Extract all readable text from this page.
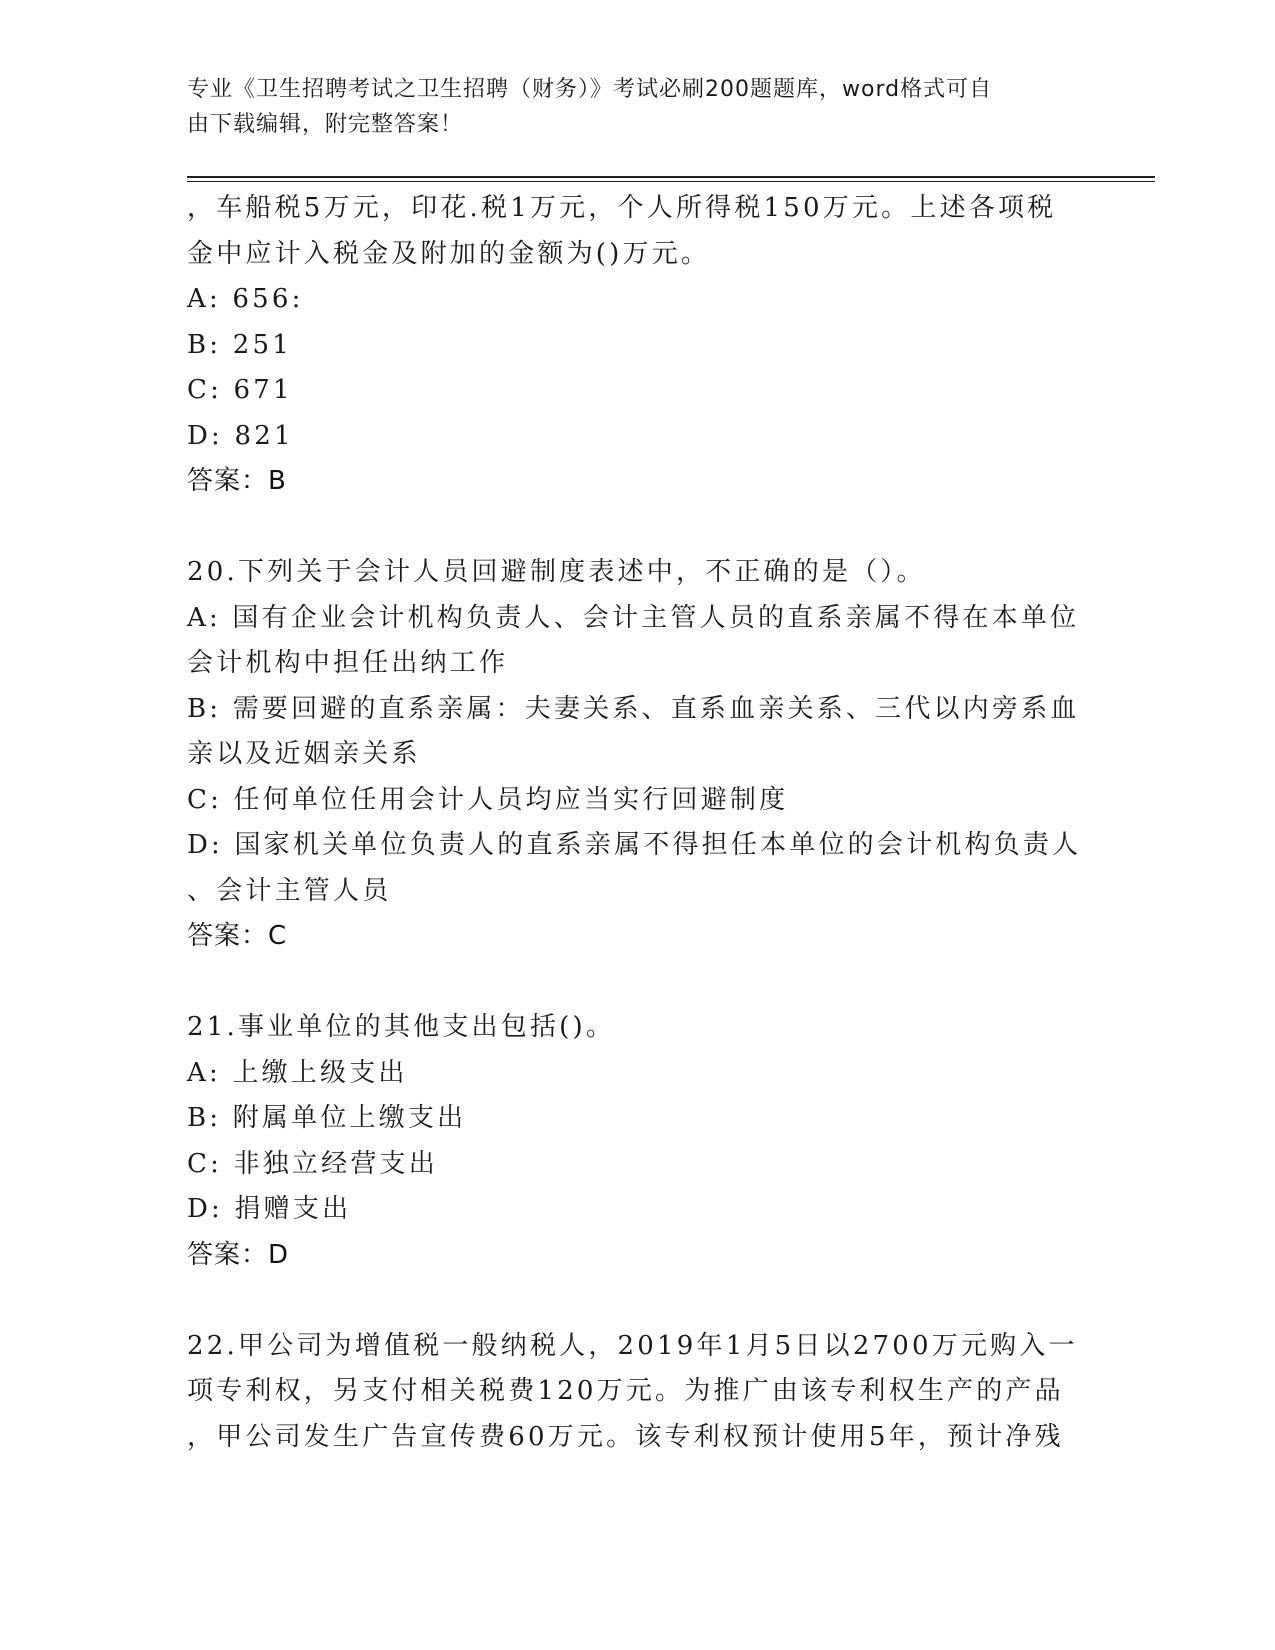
专业《卫生招聘考试之卫生招聘（财务）》考试必刷200题题库，word格式可自
由下载编辑，附完整答案！
，车船税5万元，印花.税1万元，个人所得税150万元。上述各项税
金中应计入税金及附加的金额为()万元。
A: 656:
B: 251
C: 671
D: 821
答案：B
20.下列关于会计人员回避制度表述中，不正确的是（）。
A: 国有企业会计机构负责人、会计主管人员的直系亲属不得在本单位
会计机构中担任出纳工作
B: 需要回避的直系亲属：夫妻关系、直系血亲关系、三代以内旁系血
亲以及近姻亲关系
C: 任何单位任用会计人员均应当实行回避制度
D: 国家机关单位负责人的直系亲属不得担任本单位的会计机构负责人
、会计主管人员
答案：C
21.事业单位的其他支出包括()。
A: 上缴上级支出
B: 附属单位上缴支出
C: 非独立经营支出
D: 捐赠支出
答案：D
22.甲公司为增值税一般纳税人，2019年1月5日以2700万元购入一
项专利权，另支付相关税费120万元。为推广由该专利权生产的产品
，甲公司发生广告宣传费60万元。该专利权预计使用5年，预计净残
